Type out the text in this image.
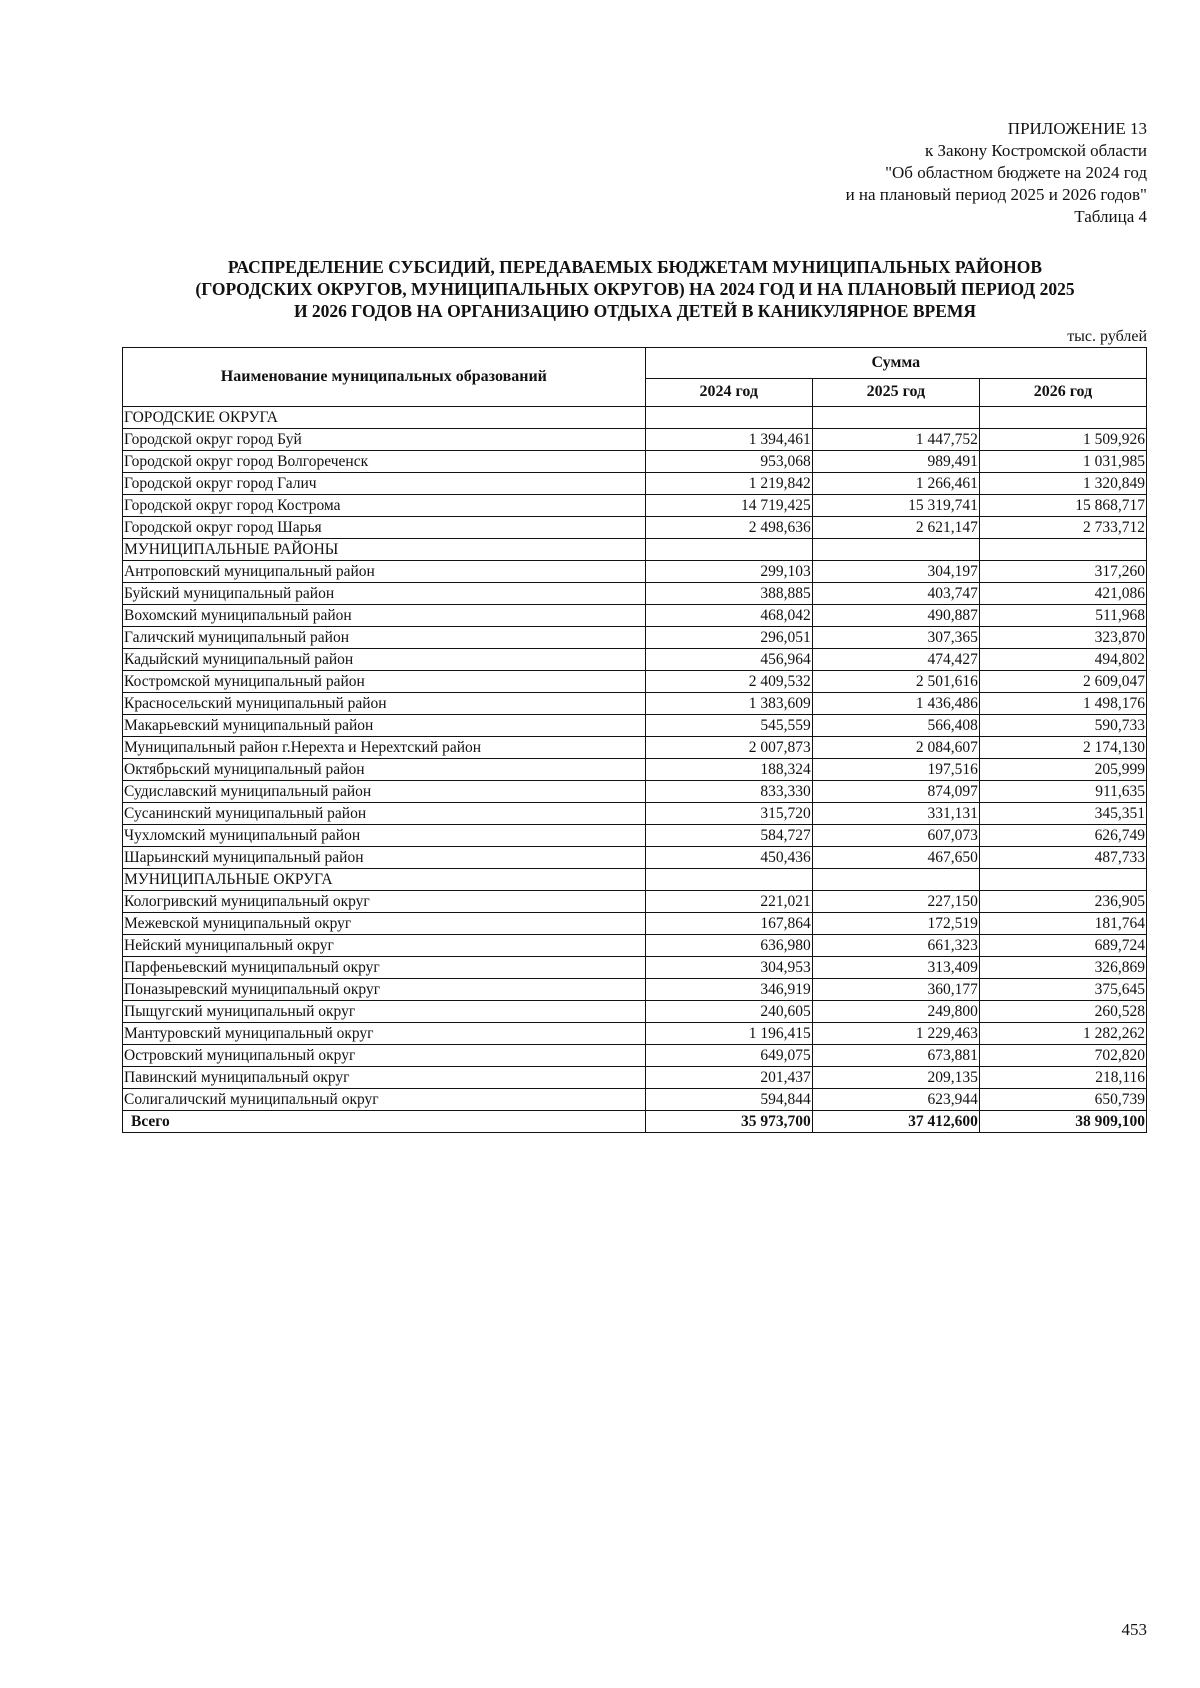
ПРИЛОЖЕНИЕ 13
к Закону Костромской области
"Об областном бюджете на 2024 год
и на плановый период 2025 и 2026 годов"
Таблица 4
РАСПРЕДЕЛЕНИЕ СУБСИДИЙ, ПЕРЕДАВАЕМЫХ БЮДЖЕТАМ МУНИЦИПАЛЬНЫХ РАЙОНОВ
(ГОРОДСКИХ ОКРУГОВ, МУНИЦИПАЛЬНЫХ ОКРУГОВ) НА 2024 ГОД И НА ПЛАНОВЫЙ ПЕРИОД 2025
И 2026 ГОДОВ НА ОРГАНИЗАЦИЮ ОТДЫХА ДЕТЕЙ В КАНИКУЛЯРНОЕ ВРЕМЯ
тыс. рублей
Наименование муниципальных образований	Сумма		
	2024 год	2025 год	2026 год
ГОРОДСКИЕ ОКРУГА			
Городской округ город Буй	1 394,461	1 447,752	1 509,926
Городской округ город Волгореченск	953,068	989,491	1 031,985
Городской округ город Галич	1 219,842	1 266,461	1 320,849
Городской округ город Кострома	14 719,425	15 319,741	15 868,717
Городской округ город Шарья	2 498,636	2 621,147	2 733,712
МУНИЦИПАЛЬНЫЕ РАЙОНЫ			
Антроповский муниципальный район	299,103	304,197	317,260
Буйский муниципальный район	388,885	403,747	421,086
Вохомский муниципальный район	468,042	490,887	511,968
Галичский муниципальный район	296,051	307,365	323,870
Кадыйский муниципальный район	456,964	474,427	494,802
Костромской муниципальный район	2 409,532	2 501,616	2 609,047
Красносельский муниципальный район	1 383,609	1 436,486	1 498,176
Макарьевский муниципальный район	545,559	566,408	590,733
Муниципальный район г.Нерехта и Нерехтский район	2 007,873	2 084,607	2 174,130
Октябрьский муниципальный район	188,324	197,516	205,999
Судиславский муниципальный район	833,330	874,097	911,635
Сусанинский муниципальный район	315,720	331,131	345,351
Чухломский муниципальный район	584,727	607,073	626,749
Шарьинский муниципальный район	450,436	467,650	487,733
МУНИЦИПАЛЬНЫЕ ОКРУГА			
Кологривский муниципальный округ	221,021	227,150	236,905
Межевской муниципальный округ	167,864	172,519	181,764
Нейский муниципальный округ	636,980	661,323	689,724
Парфеньевский муниципальный округ	304,953	313,409	326,869
Поназыревский муниципальный округ	346,919	360,177	375,645
Пыщугский муниципальный округ	240,605	249,800	260,528
Мантуровский муниципальный округ	1 196,415	1 229,463	1 282,262
Островский муниципальный округ	649,075	673,881	702,820
Павинский муниципальный округ	201,437	209,135	218,116
Солигаличский муниципальный округ	594,844	623,944	650,739
Всего	35 973,700	37 412,600	38 909,100
453
